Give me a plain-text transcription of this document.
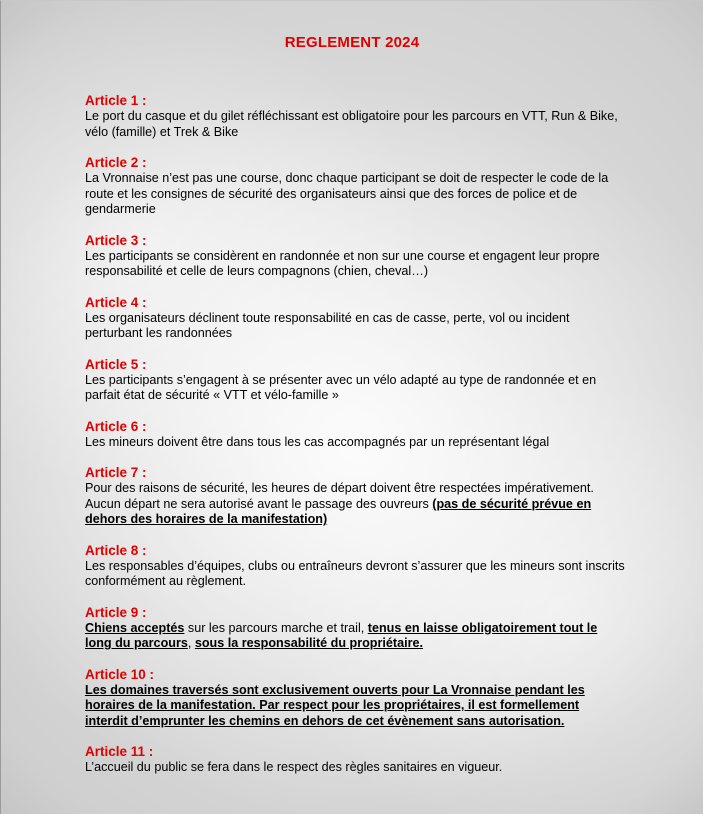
REGLEMENT 2024
Article 1 :
Le port du casque et du gilet réfléchissant est obligatoire pour les parcours en VTT, Run & Bike, vélo (famille) et Trek & Bike
Article 2 :
La Vronnaise n’est pas une course, donc chaque participant se doit de respecter le code de la route et les consignes de sécurité des organisateurs ainsi que des forces de police et de gendarmerie
Article 3 :
Les participants se considèrent en randonnée et non sur une course et engagent leur propre responsabilité et celle de leurs compagnons (chien, cheval…)
Article 4 :
Les organisateurs déclinent toute responsabilité en cas de casse, perte, vol ou incident perturbant les randonnées
Article 5 :
Les participants s’engagent à se présenter avec un vélo adapté au type de randonnée et en parfait état de sécurité « VTT et vélo-famille »
Article 6 :
Les mineurs doivent être dans tous les cas accompagnés par un représentant légal
Article 7 :
Pour des raisons de sécurité, les heures de départ doivent être respectées impérativement. Aucun départ ne sera autorisé avant le passage des ouvreurs (pas de sécurité prévue en dehors des horaires de la manifestation)
Article 8 :
Les responsables d’équipes, clubs ou entraîneurs devront s’assurer que les mineurs sont inscrits conformément au règlement.
Article 9 :
Chiens acceptés sur les parcours marche et trail, tenus en laisse obligatoirement tout le long du parcours, sous la responsabilité du propriétaire.
Article 10 :
Les domaines traversés sont exclusivement ouverts pour La Vronnaise pendant les horaires de la manifestation. Par respect pour les propriétaires, il est formellement interdit d’emprunter les chemins en dehors de cet évènement sans autorisation.
Article 11 :
L’accueil du public se fera dans le respect des règles sanitaires en vigueur.
